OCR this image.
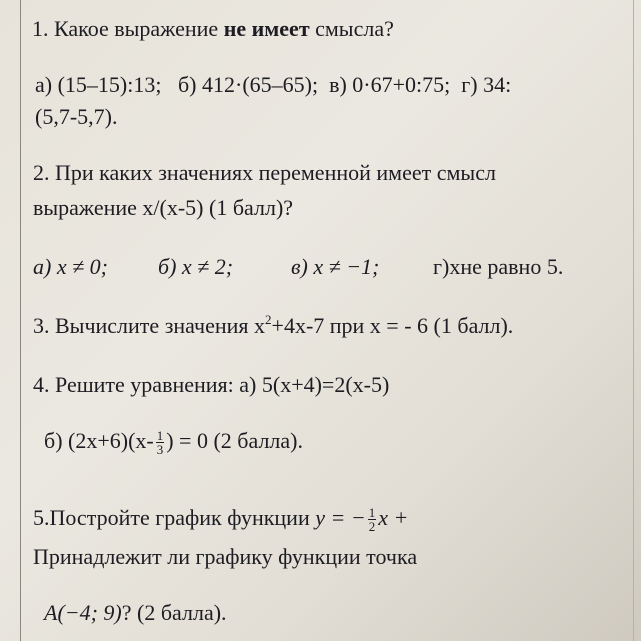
1. Какое выражение не имеет смысла?
а) (15–15):13;   б) 412·(65–65);  в) 0·67+0:75;  г) 34:
(5,7-5,7).
2. При каких значениях переменной имеет смысл
выражение х/(х-5) (1 балл)?
а) x ≠ 0; б) x ≠ 2;	в) x ≠ −1; г)хне равно 5.
3. Вычислите значения $х^2+4х-7$ при х = - 6 (1 балл).
4. Решите уравнения: а) 5(х+4)=2(х-5)
б) $(2х+6)(х- \frac{1}{3}$ ) = 0 (2 балла).
5.Постройте график функции y = − $\frac{1}{2}$ x +
Принадлежит ли графику функции точка
A(−4; 9)? (2 балла).
